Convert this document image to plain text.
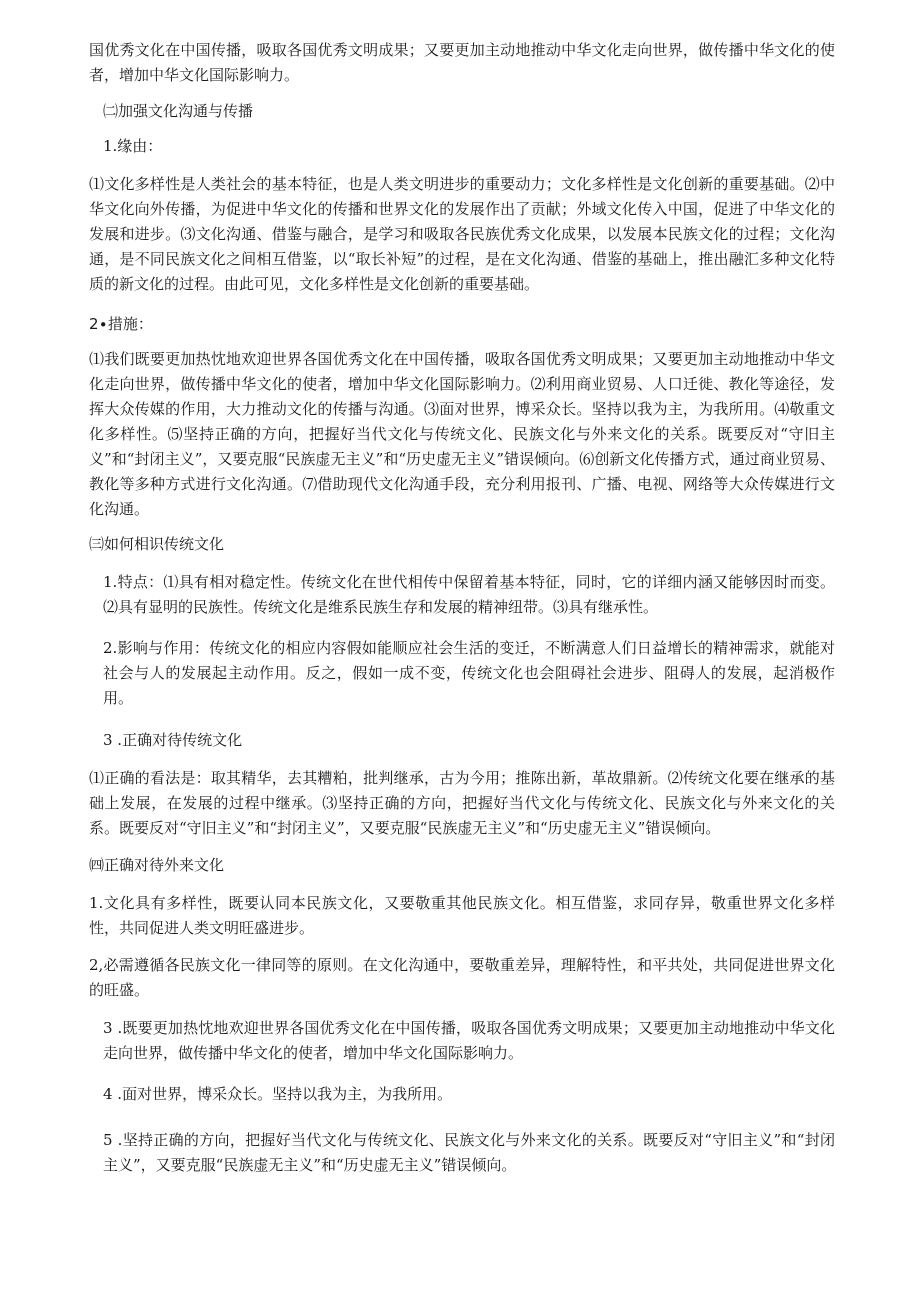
国优秀文化在中国传播，吸取各国优秀文明成果；又要更加主动地推动中华文化走向世界，做传播中华文化的使者，增加中华文化国际影响力。

㈡加强文化沟通与传播

1.缘由：

⑴文化多样性是人类社会的基本特征，也是人类文明进步的重要动力；文化多样性是文化创新的重要基础。⑵中华文化向外传播，为促进中华文化的传播和世界文化的发展作出了贡献；外域文化传入中国，促进了中华文化的发展和进步。⑶文化沟通、借鉴与融合，是学习和吸取各民族优秀文化成果，以发展本民族文化的过程；文化沟通，是不同民族文化之间相互借鉴，以“取长补短”的过程，是在文化沟通、借鉴的基础上，推出融汇多种文化特质的新文化的过程。由此可见，文化多样性是文化创新的重要基础。

2∙措施：

⑴我们既要更加热忱地欢迎世界各国优秀文化在中国传播，吸取各国优秀文明成果；又要更加主动地推动中华文化走向世界，做传播中华文化的使者，增加中华文化国际影响力。⑵利用商业贸易、人口迁徙、教化等途径，发挥大众传媒的作用，大力推动文化的传播与沟通。⑶面对世界，博采众长。坚持以我为主，为我所用。⑷敬重文化多样性。⑸坚持正确的方向，把握好当代文化与传统文化、民族文化与外来文化的关系。既要反对“守旧主义”和“封闭主义”，又要克服“民族虚无主义”和“历史虚无主义”错误倾向。⑹创新文化传播方式，通过商业贸易、教化等多种方式进行文化沟通。⑺借助现代文化沟通手段，充分利用报刊、广播、电视、网络等大众传媒进行文化沟通。

㈢如何相识传统文化

1.特点：⑴具有相对稳定性。传统文化在世代相传中保留着基本特征，同时，它的详细内涵又能够因时而变。⑵具有显明的民族性。传统文化是维系民族生存和发展的精神纽带。⑶具有继承性。

2.影响与作用：传统文化的相应内容假如能顺应社会生活的变迁，不断满意人们日益增长的精神需求，就能对社会与人的发展起主动作用。反之，假如一成不变，传统文化也会阻碍社会进步、阻碍人的发展，起消极作用。

3 .正确对待传统文化

⑴正确的看法是：取其精华，去其糟粕，批判继承，古为今用；推陈出新，革故鼎新。⑵传统文化要在继承的基础上发展，在发展的过程中继承。⑶坚持正确的方向，把握好当代文化与传统文化、民族文化与外来文化的关系。既要反对“守旧主义”和“封闭主义”，又要克服“民族虚无主义”和“历史虚无主义”错误倾向。

㈣正确对待外来文化

1.文化具有多样性，既要认同本民族文化，又要敬重其他民族文化。相互借鉴，求同存异，敬重世界文化多样性，共同促进人类文明旺盛进步。

2,必需遵循各民族文化一律同等的原则。在文化沟通中，要敬重差异，理解特性，和平共处，共同促进世界文化的旺盛。

3 .既要更加热忱地欢迎世界各国优秀文化在中国传播，吸取各国优秀文明成果；又要更加主动地推动中华文化走向世界，做传播中华文化的使者，增加中华文化国际影响力。

4 .面对世界，博采众长。坚持以我为主，为我所用。

5 .坚持正确的方向，把握好当代文化与传统文化、民族文化与外来文化的关系。既要反对“守旧主义”和“封闭主义”，又要克服“民族虚无主义”和“历史虚无主义”错误倾向。
